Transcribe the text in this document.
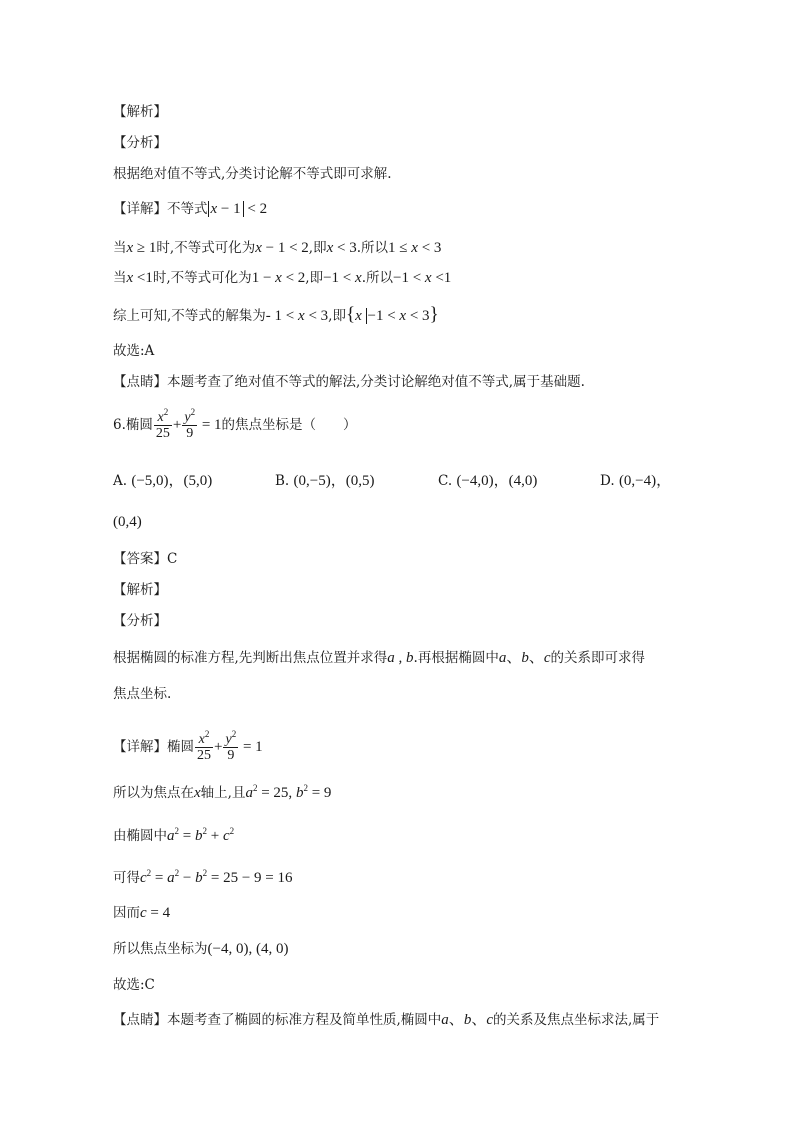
【解析】
【分析】
根据绝对值不等式,分类讨论解不等式即可求解.
【详解】不等式 x − 1 < 2
当x ≥ 1时,不等式可化为x − 1 < 2,即x < 3.所以1 ≤ x < 3
当x <1时,不等式可化为1 − x < 2,即−1 < x.所以−1 < x <1
综上可知,不等式的解集为- 1 < x < 3,即{x −1 < x < 3}
故选:A
【点睛】本题考查了绝对值不等式的解法,分类讨论解绝对值不等式,属于基础题.
6.椭圆 $\frac{x^2}{25} + \frac{y^2}{9} = 1$的焦点坐标是（　　）
A. (−5,0)，(5,0)	B. (0,−5)，(0,5)	C. (−4,0)，(4,0)	D. (0,−4)，
(0,4)
【答案】C
【解析】
【分析】
根据椭圆的标准方程,先判断出焦点位置并求得a , b.再根据椭圆中a、b、c的关系即可求得
焦点坐标.
【详解】椭圆 $\frac{x^2}{25} + \frac{y^2}{9} = 1$
所以为焦点在x轴上,且$a^2 = 25$, $b^2 = 9$
由椭圆中$a^2 = b^2 + c^2$
可得$c^2 = a^2 - b^2 = 25 - 9 = 16$
因而c = 4
所以焦点坐标为(−4, 0), (4, 0)
故选:C
【点睛】本题考查了椭圆的标准方程及简单性质,椭圆中a、b、c的关系及焦点坐标求法,属于
